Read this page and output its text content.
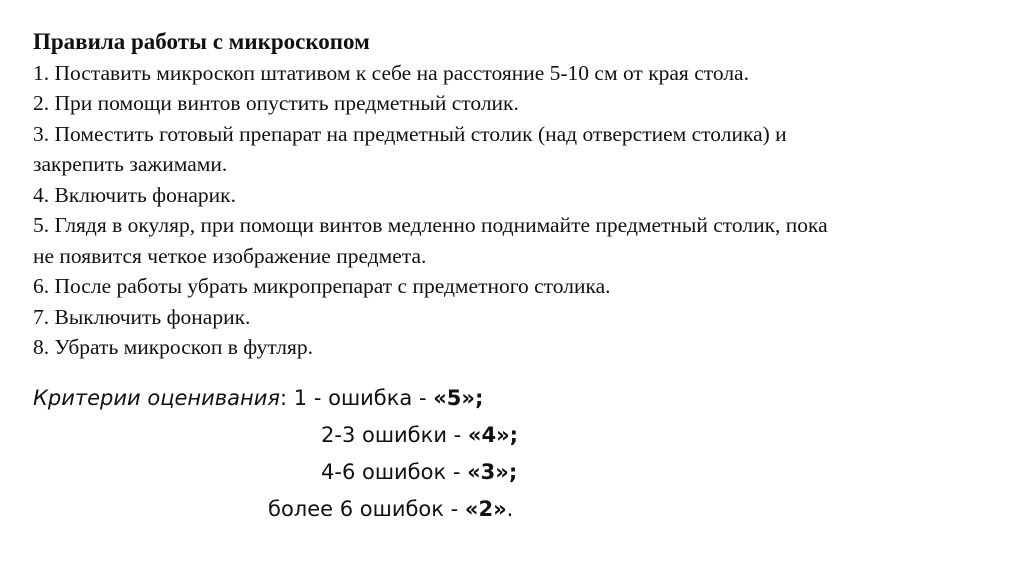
Правила работы с микроскопом
1. Поставить микроскоп штативом к себе на расстояние 5-10 см от края стола.
2. При помощи винтов опустить предметный столик.
3. Поместить готовый препарат на предметный столик (над отверстием столика) и
закрепить зажимами.
4. Включить фонарик.
5. Глядя в окуляр, при помощи винтов медленно поднимайте предметный столик, пока
не появится четкое изображение предмета.
6. После работы убрать микропрепарат с предметного столика.
7. Выключить фонарик.
8. Убрать микроскоп в футляр.
Критерии оценивания: 1 - ошибка - «5»;
2-3 ошибки - «4»;
4-6 ошибок - «3»;
более 6 ошибок - «2».
